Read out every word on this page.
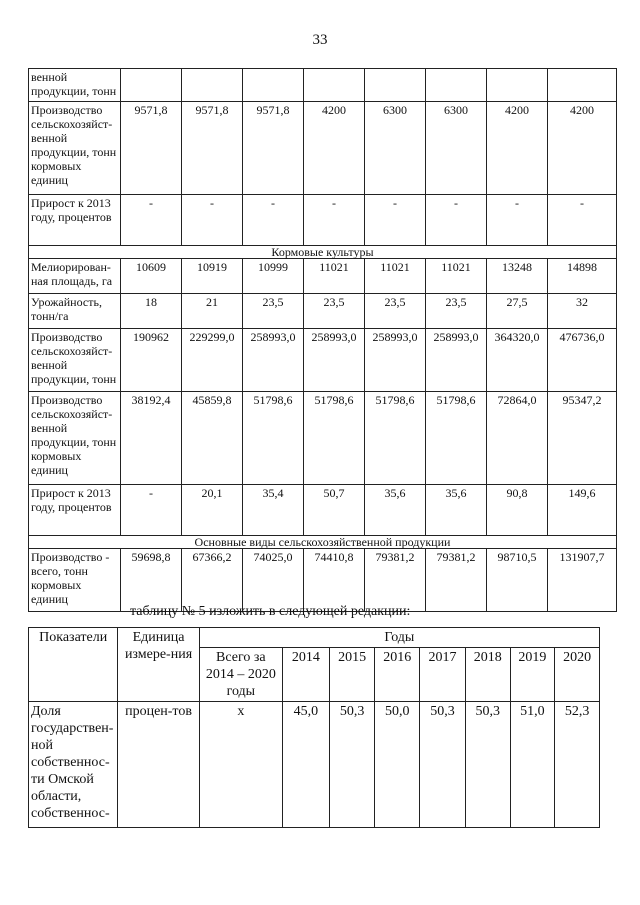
33
венной продукции, тонн								
Производство сельскохозяйст-венной продукции, тонн кормовых единиц	9571,8	9571,8	9571,8	4200	6300	6300	4200	4200
Прирост к 2013 году, процентов	-	-	-	-	-	-	-	-
Кормовые культуры								
Мелиорирован-ная площадь, га	10609	10919	10999	11021	11021	11021	13248	14898
Урожайность, тонн/га	18	21	23,5	23,5	23,5	23,5	27,5	32
Производство сельскохозяйст-венной продукции, тонн	190962	229299,0	258993,0	258993,0	258993,0	258993,0	364320,0	476736,0
Производство сельскохозяйст-венной продукции, тонн кормовых единиц	38192,4	45859,8	51798,6	51798,6	51798,6	51798,6	72864,0	95347,2
Прирост к 2013 году, процентов	-	20,1	35,4	50,7	35,6	35,6	90,8	149,6
Основные виды сельскохозяйственной продукции								
Производство - всего, тонн кормовых единиц	59698,8	67366,2	74025,0	74410,8	79381,2	79381,2	98710,5	131907,7
таблицу № 5 изложить в следующей редакции:
Показатели	Единица измере-ния	Годы							
		Всего за 2014 – 2020 годы	2014	2015	2016	2017	2018	2019	2020
Доля государствен-ной собственнос-ти Омской области, собственнос-	процен-тов	x	45,0	50,3	50,0	50,3	50,3	51,0	52,3
